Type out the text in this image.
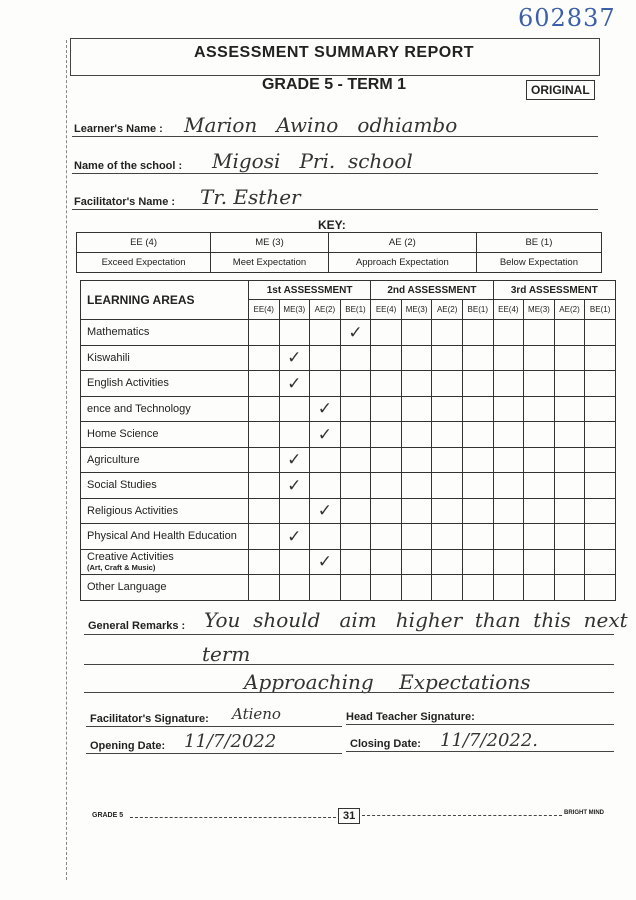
602837
ASSESSMENT SUMMARY REPORT
GRADE 5 - TERM 1	ORIGINAL
Learner's Name : Marion   Awino   odhiambo
Name of the school : Migosi   Pri.  school
Facilitator's Name : Tr. Esther
KEY:
EE (4)	ME (3)	AE (2)	BE (1)
Exceed Expectation	Meet Expectation	Approach Expectation	Below Expectation
LEARNING AREAS	1st ASSESSMENT				2nd ASSESSMENT				3rd ASSESSMENT			
	EE(4)	ME(3)	AE(2)	BE(1)	EE(4)	ME(3)	AE(2)	BE(1)	EE(4)	ME(3)	AE(2)	BE(1)
Mathematics				✓								
Kiswahili		✓										
English Activities		✓										
ence and Technology			✓									
Home Science			✓									
Agriculture		✓										
Social Studies		✓										
Religious Activities			✓									
Physical And Health Education		✓										
Creative Activities
(Art, Craft & Music)			✓									
Other Language												
General Remarks : You  should   aim   higher  than  this  next
term
Approaching    Expectations
Facilitator's Signature: Atieno	Head Teacher Signature:
Opening Date: 11/7/2022	Closing Date: 11/7/2022.
GRADE 5	31	BRIGHT MIND
